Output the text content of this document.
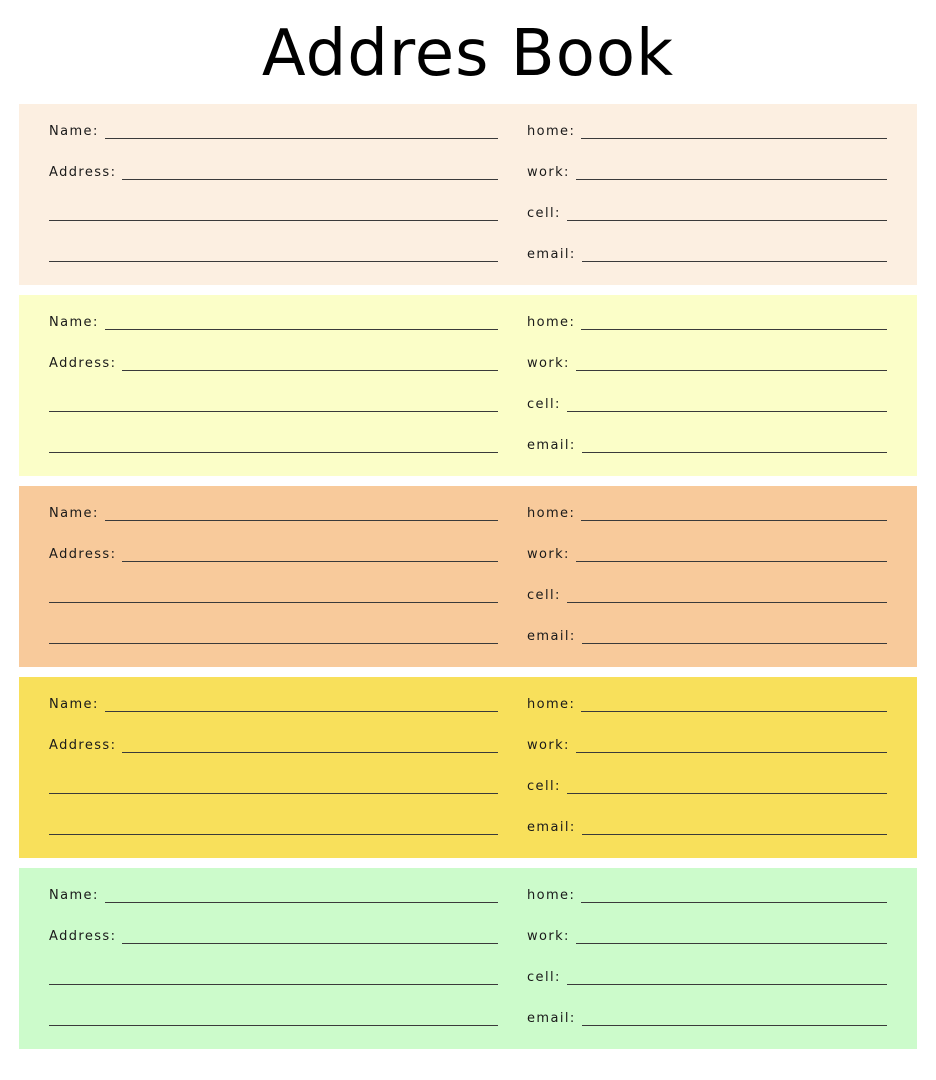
Addres Book
Name:
Address:
home:
work:
cell:
email:
Name:
Address:
home:
work:
cell:
email:
Name:
Address:
home:
work:
cell:
email:
Name:
Address:
home:
work:
cell:
email:
Name:
Address:
home:
work:
cell:
email:
